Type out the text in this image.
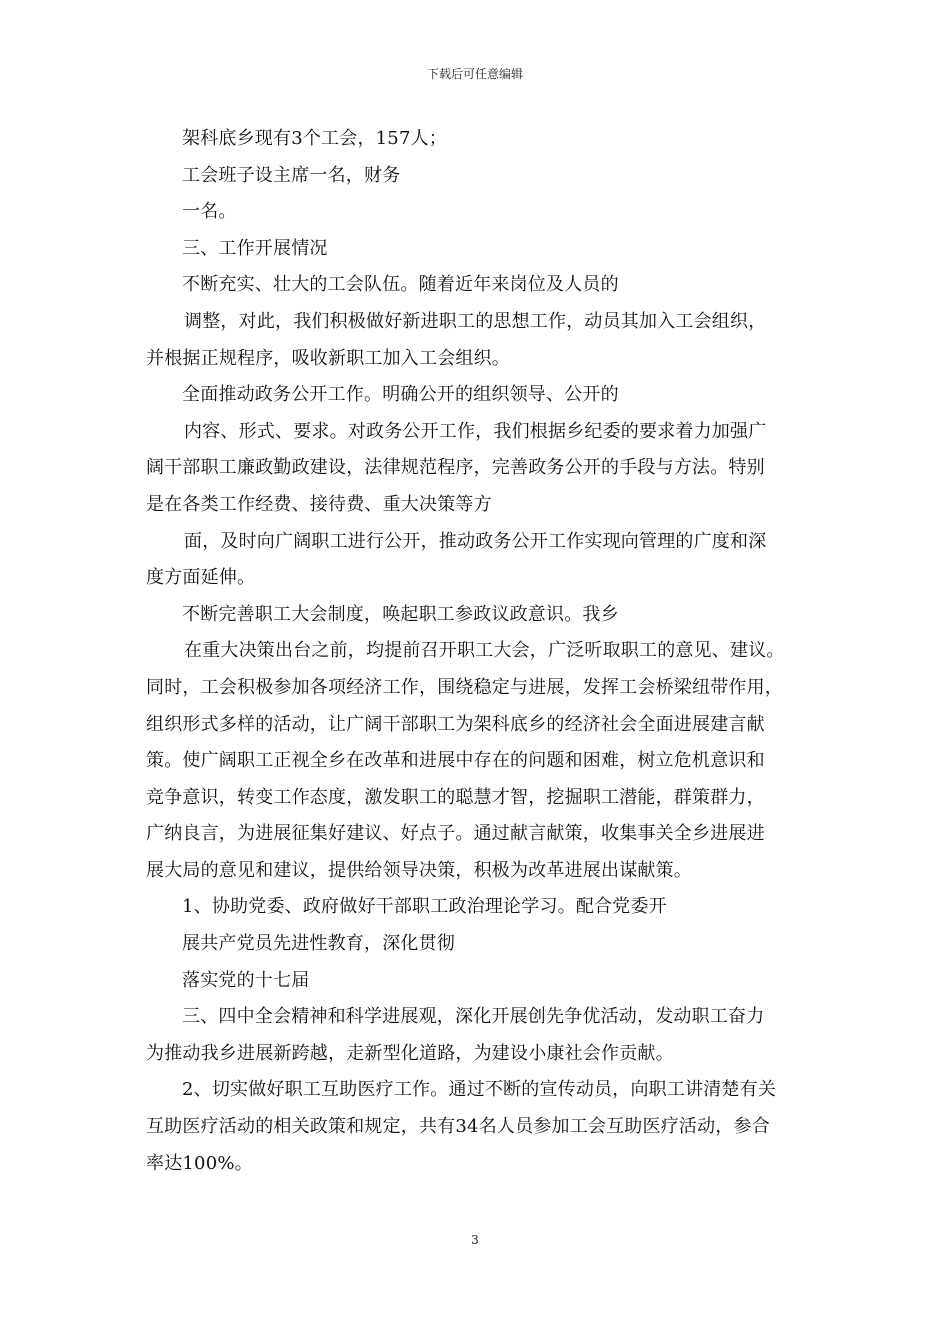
下载后可任意编辑
架科底乡现有3个工会，157人；
工会班子设主席一名，财务
一名。
三、工作开展情况
不断充实、壮大的工会队伍。随着近年来岗位及人员的
调整，对此，我们积极做好新进职工的思想工作，动员其加入工会组织，
并根据正规程序，吸收新职工加入工会组织。
全面推动政务公开工作。明确公开的组织领导、公开的
内容、形式、要求。对政务公开工作，我们根据乡纪委的要求着力加强广
阔干部职工廉政勤政建设，法律规范程序，完善政务公开的手段与方法。特别
是在各类工作经费、接待费、重大决策等方
面，及时向广阔职工进行公开，推动政务公开工作实现向管理的广度和深
度方面延伸。
不断完善职工大会制度，唤起职工参政议政意识。我乡
在重大决策出台之前，均提前召开职工大会，广泛听取职工的意见、建议。
同时，工会积极参加各项经济工作，围绕稳定与进展，发挥工会桥梁纽带作用，
组织形式多样的活动，让广阔干部职工为架科底乡的经济社会全面进展建言献
策。使广阔职工正视全乡在改革和进展中存在的问题和困难，树立危机意识和
竞争意识，转变工作态度，激发职工的聪慧才智，挖掘职工潜能，群策群力，
广纳良言，为进展征集好建议、好点子。通过献言献策，收集事关全乡进展进
展大局的意见和建议，提供给领导决策，积极为改革进展出谋献策。
1、协助党委、政府做好干部职工政治理论学习。配合党委开
展共产党员先进性教育，深化贯彻
落实党的十七届
三、四中全会精神和科学进展观，深化开展创先争优活动，发动职工奋力
为推动我乡进展新跨越，走新型化道路，为建设小康社会作贡献。
2、切实做好职工互助医疗工作。通过不断的宣传动员，向职工讲清楚有关
互助医疗活动的相关政策和规定，共有34名人员参加工会互助医疗活动，参合
率达100%。
3
